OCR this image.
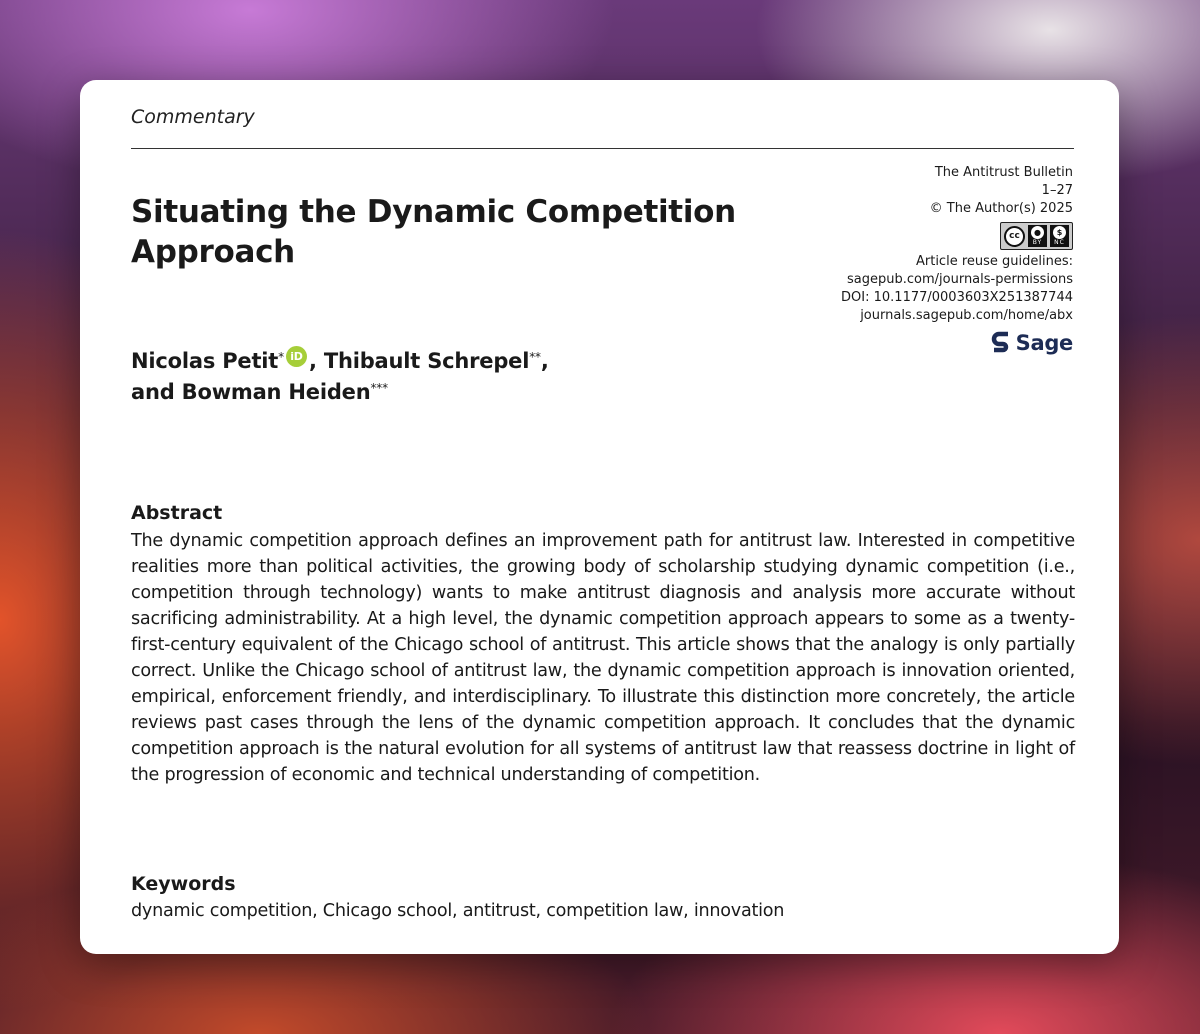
Commentary
Situating the Dynamic Competition Approach
The Antitrust Bulletin
1–27
© The Author(s) 2025
cc	●
BY
$
NC
Article reuse guidelines:
sagepub.com/journals-permissions
DOI: 10.1177/0003603X251387744
journals.sagepub.com/home/abx
Sage
Nicolas Petit* iD , Thibault Schrepel**,
and Bowman Heiden***
Abstract

The dynamic competition approach defines an improvement path for antitrust law. Interested in competitive realities more than political activities, the growing body of scholarship studying dynamic competition (i.e., competition through technology) wants to make antitrust diagnosis and analysis more accurate without sacrificing administrability. At a high level, the dynamic competition approach appears to some as a twenty-first-century equivalent of the Chicago school of antitrust. This article shows that the analogy is only partially correct. Unlike the Chicago school of antitrust law, the dynamic competition approach is innovation oriented, empirical, enforcement friendly, and interdisciplinary. To illustrate this distinction more concretely, the article reviews past cases through the lens of the dynamic competition approach. It concludes that the dynamic competition approach is the natural evolution for all systems of antitrust law that reassess doctrine in light of the progression of economic and technical understanding of competition.

Keywords
dynamic competition, Chicago school, antitrust, competition law, innovation
